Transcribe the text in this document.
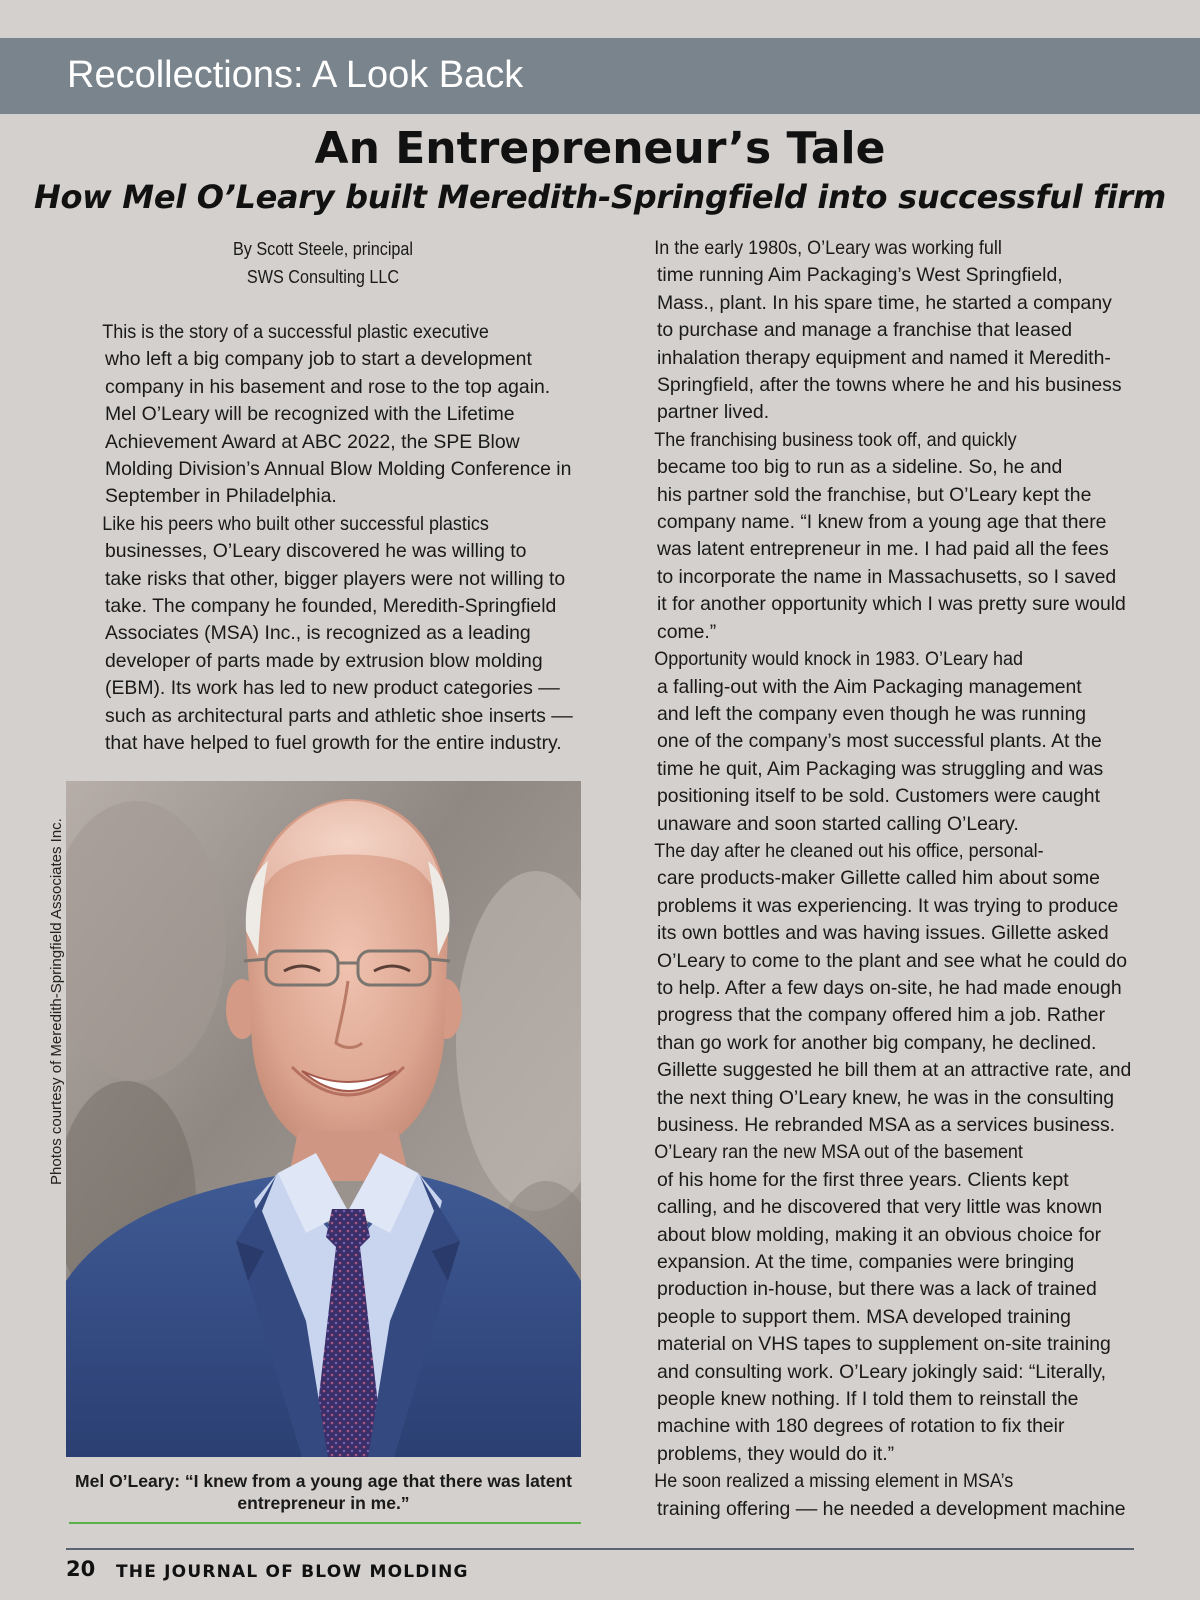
Recollections: A Look Back
An Entrepreneur’s Tale
How Mel O’Leary built Meredith-Springfield into successful firm
By Scott Steele, principal
SWS Consulting LLC

This is the story of a successful plastic executive
who left a big company job to start a development
company in his basement and rose to the top again.
Mel O’Leary will be recognized with the Lifetime
Achievement Award at ABC 2022, the SPE Blow
Molding Division’s Annual Blow Molding Conference in
September in Philadelphia.

Like his peers who built other successful plastics
businesses, O’Leary discovered he was willing to
take risks that other, bigger players were not willing to
take. The company he founded, Meredith-Springfield
Associates (MSA) Inc., is recognized as a leading
developer of parts made by extrusion blow molding
(EBM). Its work has led to new product categories ––
such as architectural parts and athletic shoe inserts ––
that have helped to fuel growth for the entire industry.

In the early 1980s, O’Leary was working full
time running Aim Packaging’s West Springfield,
Mass., plant. In his spare time, he started a company
to purchase and manage a franchise that leased
inhalation therapy equipment and named it Meredith-
Springfield, after the towns where he and his business
partner lived.

The franchising business took off, and quickly
became too big to run as a sideline. So, he and
his partner sold the franchise, but O’Leary kept the
company name. “I knew from a young age that there
was latent entrepreneur in me. I had paid all the fees
to incorporate the name in Massachusetts, so I saved
it for another opportunity which I was pretty sure would
come.”

Opportunity would knock in 1983. O’Leary had
a falling-out with the Aim Packaging management
and left the company even though he was running
one of the company’s most successful plants. At the
time he quit, Aim Packaging was struggling and was
positioning itself to be sold. Customers were caught
unaware and soon started calling O’Leary.

The day after he cleaned out his office, personal-
care products-maker Gillette called him about some
problems it was experiencing. It was trying to produce
its own bottles and was having issues. Gillette asked
O’Leary to come to the plant and see what he could do
to help. After a few days on-site, he had made enough
progress that the company offered him a job. Rather
than go work for another big company, he declined.
Gillette suggested he bill them at an attractive rate, and
the next thing O’Leary knew, he was in the consulting
business. He rebranded MSA as a services business.

O’Leary ran the new MSA out of the basement
of his home for the first three years. Clients kept
calling, and he discovered that very little was known
about blow molding, making it an obvious choice for
expansion. At the time, companies were bringing
production in-house, but there was a lack of trained
people to support them. MSA developed training
material on VHS tapes to supplement on-site training
and consulting work. O’Leary jokingly said: “Literally,
people knew nothing. If I told them to reinstall the
machine with 180 degrees of rotation to fix their
problems, they would do it.”

He soon realized a missing element in MSA’s
training offering –– he needed a development machine

Photos courtesy of Meredith-Springfield Associates Inc.
Mel O’Leary: “I knew from a young age that there was latent entrepreneur in me.”
20 THE JOURNAL OF BLOW MOLDING
